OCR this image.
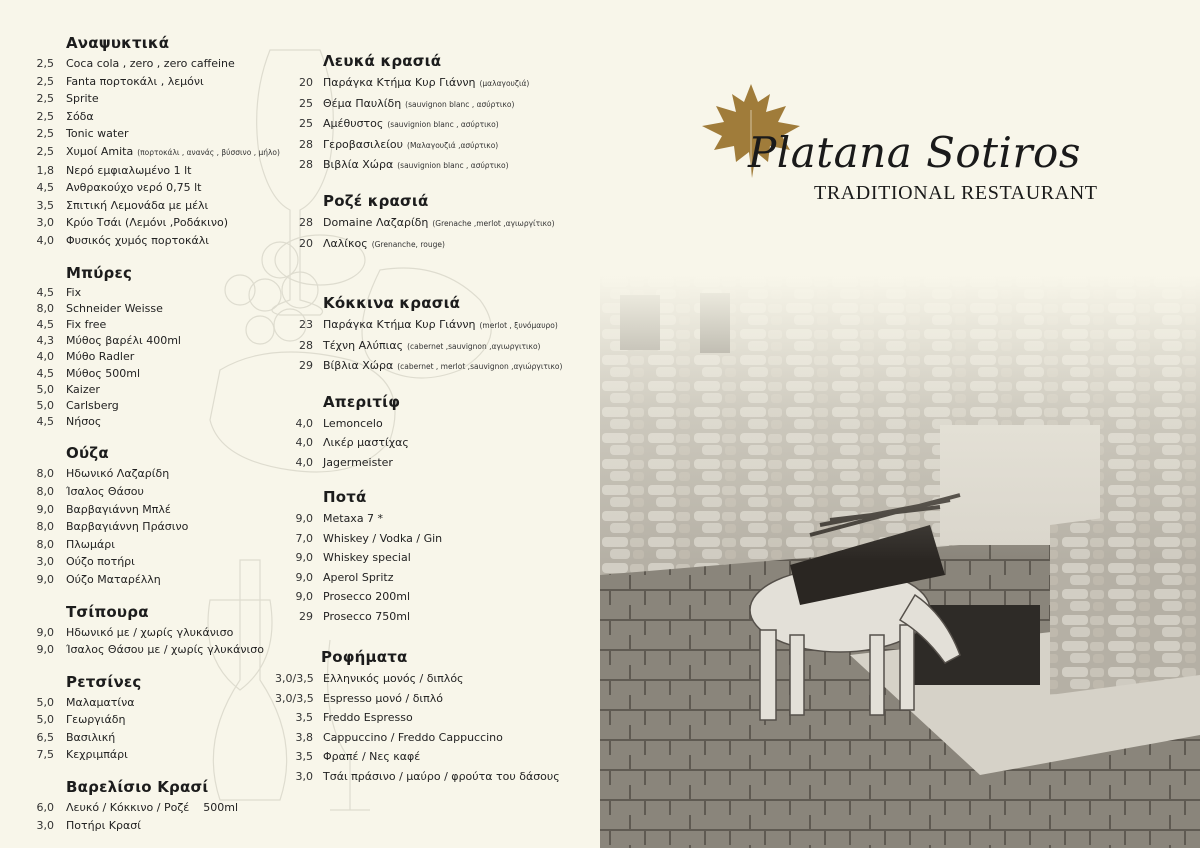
Αναψυκτικά
2,5	Coca cola , zero , zero caffeine
2,5	Fanta πορτοκάλι , λεμόνι
2,5	Sprite
2,5	Σόδα
2,5	Tonic water
2,5	Χυμοί Amita (πορτοκάλι , ανανάς , βύσσινο , μήλο)
1,8	Νερό εμφιαλωμένο 1 lt
4,5	Ανθρακούχο νερό 0,75 lt
3,5	Σπιτική Λεμονάδα με μέλι
3,0	Κρύο Τσάι (Λεμόνι ,Ροδάκινο)
4,0	Φυσικός χυμός πορτοκάλι
Μπύρες
4,5	Fix
8,0	Schneider Weisse
4,5	Fix free
4,3	Μύθος βαρέλι 400ml
4,0	Μύθο Radler
4,5	Μύθος 500ml
5,0	Kaizer
5,0	Carlsberg
4,5	Νήσος
Ούζα
8,0	Ηδωνικό Λαζαρίδη
8,0	Ίσαλος Θάσου
9,0	Βαρβαγιάννη Μπλέ
8,0	Βαρβαγιάννη Πράσινο
8,0	Πλωμάρι
3,0	Ούζο ποτήρι
9,0	Ούζο Ματαρέλλη
Τσίπουρα
9,0	Ηδωνικό με / χωρίς γλυκάνισο
9,0	Ίσαλος Θάσου με / χωρίς γλυκάνισο
Ρετσίνες
5,0	Μαλαματίνα
5,0	Γεωργιάδη
6,5	Βασιλική
7,5	Κεχριμπάρι
Βαρελίσιο Κρασί
6,0	Λευκό / Κόκκινο / Ροζέ    500ml
3,0	Ποτήρι Κρασί
Λευκά κρασιά
20 Παράγκα Κτήμα Κυρ Γιάννη (μαλαγουζιά)
25 Θέμα Παυλίδη (sauvignon blanc , ασύρτικο)
25 Αμέθυστος (sauvignion blanc , ασύρτικο)
28 Γεροβασιλείου (Μαλαγουζιά ,ασύρτικο)
28 Βιβλία Χώρα (sauvignion blanc , ασύρτικο)
Ροζέ κρασιά
28 Domaine Λαζαρίδη (Grenache ,merlot ,αγιωργίτικο)
20 Λαλίκος (Grenanche, rouge)
Κόκκινα κρασιά
23 Παράγκα Κτήμα Κυρ Γιάννη (merlot , ξυνόμαυρο)
28 Τέχνη Αλύπιας (cabernet ,sauvignon ,αγιωργιτικο)
29 Βίβλια Χώρα (cabernet , merlot ,sauvignon ,αγιώργιτικο)
Απεριτίφ
4,0 Lemoncelo
4,0 Λικέρ μαστίχας
4,0 Jagermeister
Ποτά
9,0 Metaxa 7 *
7,0 Whiskey / Vodka / Gin
9,0 Whiskey special
9,0 Aperol Spritz
9,0 Prosecco 200ml
29 Prosecco 750ml
Ροφήματα
3,0/3,5 Ελληνικός μονός / διπλός
3,0/3,5 Espresso μονό / διπλό
3,5 Freddo Espresso
3,8 Cappuccino / Freddo Cappuccino
3,5 Φραπέ / Νες καφέ
3,0 Τσάι πράσινο / μαύρο / φρούτα του δάσους
Platana Sotiros
TRADITIONAL RESTAURANT
